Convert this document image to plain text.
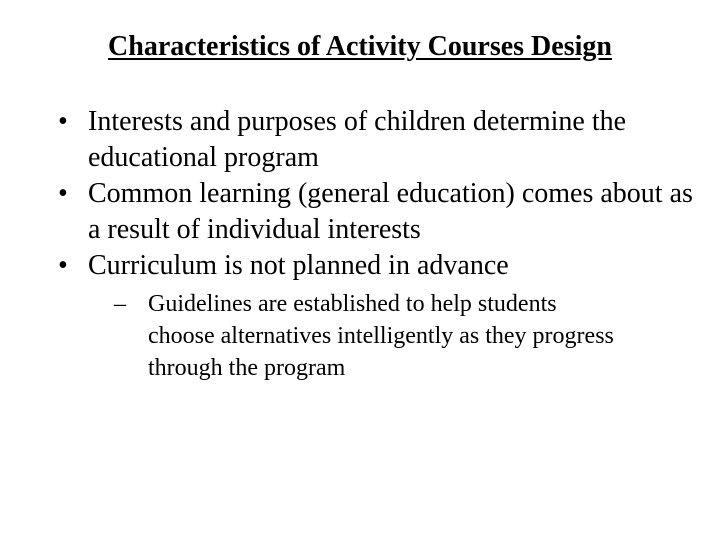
Characteristics of Activity Courses Design
• Interests and purposes of children determine the educational program
• Common learning (general education) comes about as a result of individual interests
• Curriculum is not planned in advance
– Guidelines are established to help students choose alternatives intelligently as they progress through the program
